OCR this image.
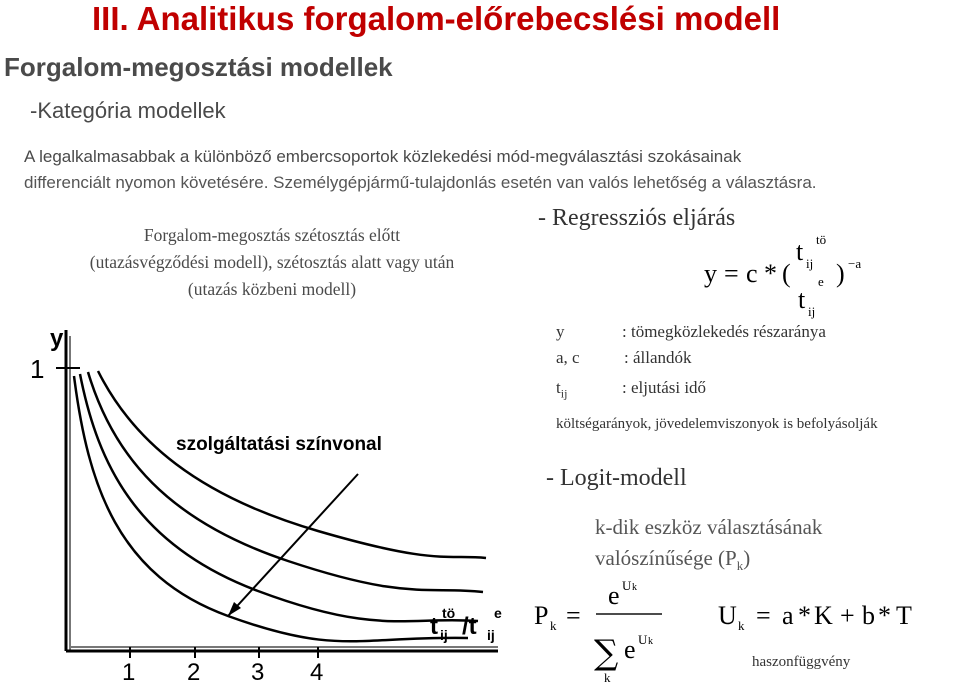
III. Analitikus forgalom-előrebecslési modell
Forgalom-megosztási modellek
-Kategória modellek
A legalkalmasabbak a különböző embercsoportok közlekedési mód-megválasztási szokásainak
differenciált nyomon követésére. Személygépjármű-tulajdonlás esetén van valós lehetőség a választásra.
Forgalom-megosztás szétosztás előtt
(utazásvégződési modell), szétosztás alatt vagy után
(utazás közbeni modell)
1
y
1 2 3 4
szolgáltatási színvonal
t ij tö /t ij e
- Regressziós eljárás
t tö
ij
y = c * ( ) −a
e
t ij
y	: tömegközlekedés részaránya
a, c	: állandók
$t_{ij}$	: eljutási idő
költségarányok, jövedelemviszonyok is befolyásolják
- Logit-modell
k-dik eszköz választásának
valószínűsége $(P_k)$
P k =
e U k
∑
k
e U k
U k = a * K + b * T
haszonfüggvény
